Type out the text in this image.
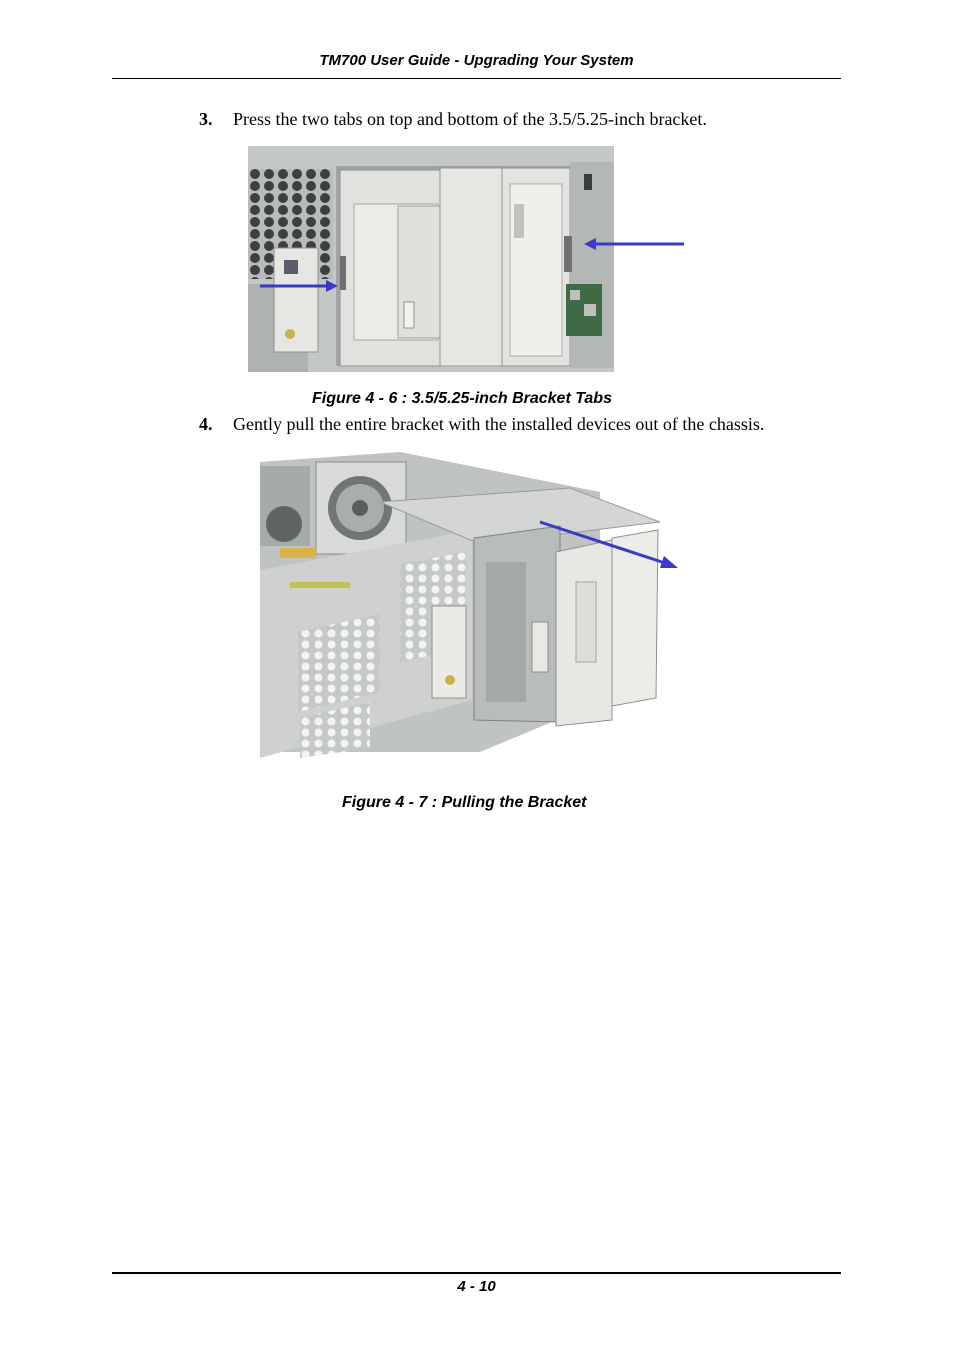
TM700 User Guide - Upgrading Your System
3. Press the two tabs on top and bottom of the 3.5/5.25-inch bracket.
Figure 4 - 6 : 3.5/5.25-inch Bracket Tabs
4. Gently pull the entire bracket with the installed devices out of the chassis.
Figure 4 - 7 : Pulling the Bracket
4 - 10
